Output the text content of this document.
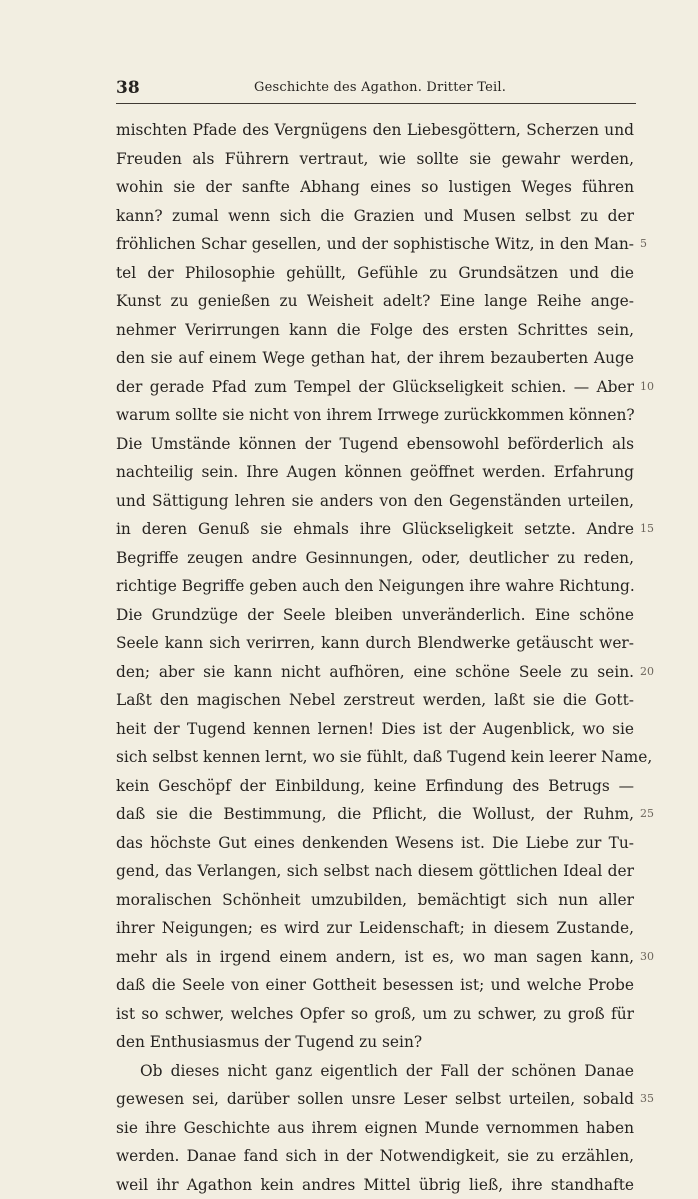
38	Geschichte des Agathon. Dritter Teil.
mischten Pfade des Vergnügens den Liebesgöttern, Scherzen und
Freuden als Führern vertraut, wie sollte sie gewahr werden,
wohin sie der sanfte Abhang eines so lustigen Weges führen
kann? zumal wenn sich die Grazien und Musen selbst zu der
fröhlichen Schar gesellen, und der sophistische Witz, in den Man- 5
tel der Philosophie gehüllt, Gefühle zu Grundsätzen und die
Kunst zu genießen zu Weisheit adelt? Eine lange Reihe ange-
nehmer Verirrungen kann die Folge des ersten Schrittes sein,
den sie auf einem Wege gethan hat, der ihrem bezauberten Auge
der gerade Pfad zum Tempel der Glückseligkeit schien. — Aber 10
warum sollte sie nicht von ihrem Irrwege zurückkommen können?
Die Umstände können der Tugend ebensowohl beförderlich als
nachteilig sein. Ihre Augen können geöffnet werden. Erfahrung
und Sättigung lehren sie anders von den Gegenständen urteilen,
in deren Genuß sie ehmals ihre Glückseligkeit setzte. Andre 15
Begriffe zeugen andre Gesinnungen, oder, deutlicher zu reden,
richtige Begriffe geben auch den Neigungen ihre wahre Richtung.
Die Grundzüge der Seele bleiben unveränderlich. Eine schöne
Seele kann sich verirren, kann durch Blendwerke getäuscht wer-
den; aber sie kann nicht aufhören, eine schöne Seele zu sein. 20
Laßt den magischen Nebel zerstreut werden, laßt sie die Gott-
heit der Tugend kennen lernen! Dies ist der Augenblick, wo sie
sich selbst kennen lernt, wo sie fühlt, daß Tugend kein leerer Name,
kein Geschöpf der Einbildung, keine Erfindung des Betrugs —
daß sie die Bestimmung, die Pflicht, die Wollust, der Ruhm, 25
das höchste Gut eines denkenden Wesens ist. Die Liebe zur Tu-
gend, das Verlangen, sich selbst nach diesem göttlichen Ideal der
moralischen Schönheit umzubilden, bemächtigt sich nun aller
ihrer Neigungen; es wird zur Leidenschaft; in diesem Zustande,
mehr als in irgend einem andern, ist es, wo man sagen kann, 30
daß die Seele von einer Gottheit besessen ist; und welche Probe
ist so schwer, welches Opfer so groß, um zu schwer, zu groß für
den Enthusiasmus der Tugend zu sein?
Ob dieses nicht ganz eigentlich der Fall der schönen Danae
gewesen sei, darüber sollen unsre Leser selbst urteilen, sobald 35
sie ihre Geschichte aus ihrem eignen Munde vernommen haben
werden. Danae fand sich in der Notwendigkeit, sie zu erzählen,
weil ihr Agathon kein andres Mittel übrig ließ, ihre standhafte
